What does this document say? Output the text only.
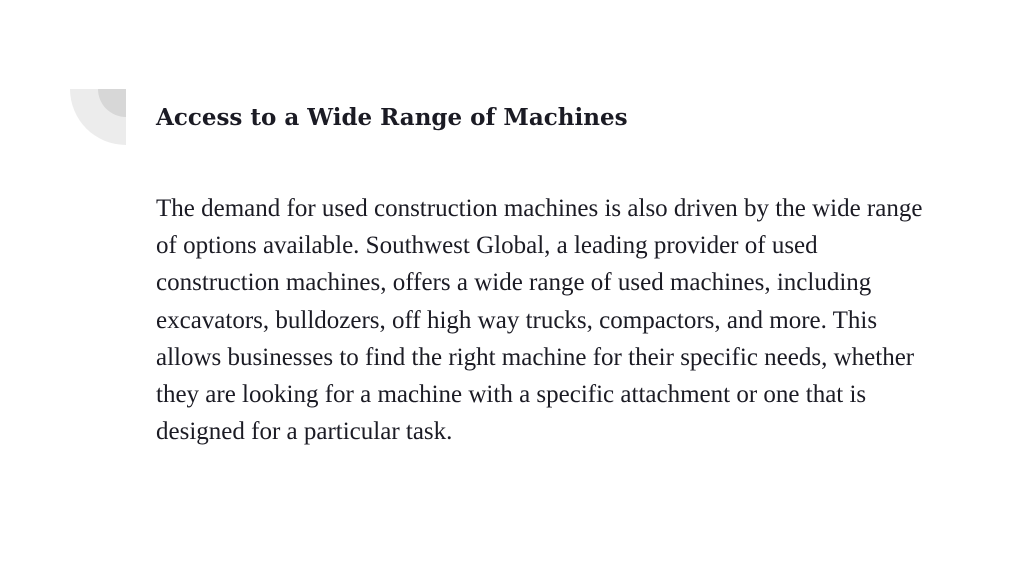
Access to a Wide Range of Machines

The demand for used construction machines is also driven by the wide range of options available. Southwest Global, a leading provider of used construction machines, offers a wide range of used machines, including excavators, bulldozers, off high way trucks, compactors, and more. This allows businesses to find the right machine for their specific needs, whether they are looking for a machine with a specific attachment or one that is designed for a particular task.
